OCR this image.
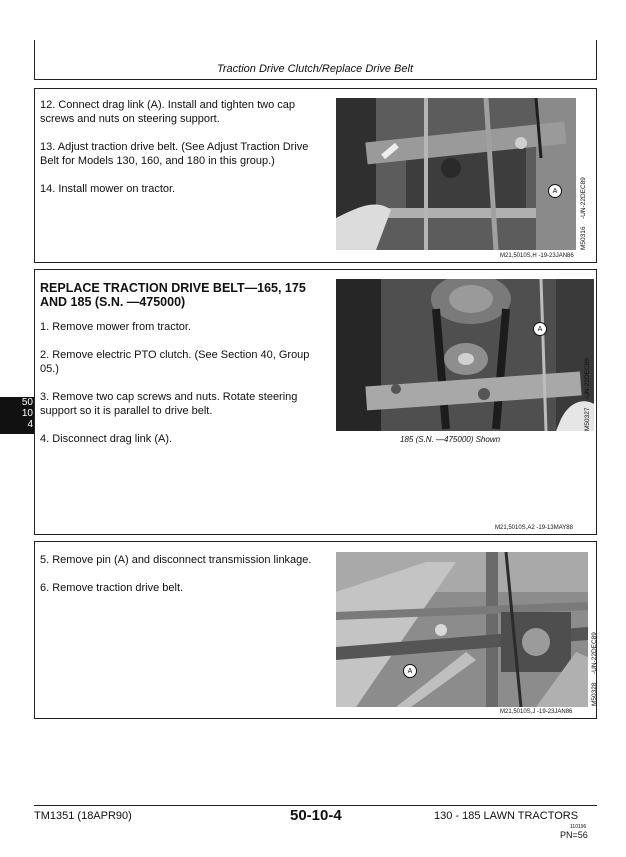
Traction Drive Clutch/Replace Drive Belt

12. Connect drag link (A). Install and tighten two cap screws and nuts on steering support.

13. Adjust traction drive belt. (See Adjust Traction Drive Belt for Models 130, 160, and 180 in this group.)

14. Install mower on tractor.	A	-UN-22DEC89
M50316
M21,5010S,H -19-23JAN86
REPLACE TRACTION DRIVE BELT—165, 175
AND 185 (S.N. —475000)

1. Remove mower from tractor.

2. Remove electric PTO clutch. (See Section 40, Group 05.)

3. Remove two cap screws and nuts. Rotate steering support so it is parallel to drive belt.

4. Disconnect drag link (A).

A
-UN-22DEC89
M50327
185 (S.N. —475000) Shown
M21,5010S,A2 -19-13MAY88

5. Remove pin (A) and disconnect transmission linkage.

6. Remove traction drive belt.

A	-UN-22DEC89
M50328
M21,5010S,J -19-23JAN86
50
10
4
TM1351 (18APR90)	50-10-4	130 - 185 LAWN TRACTORS
110196
PN=56
